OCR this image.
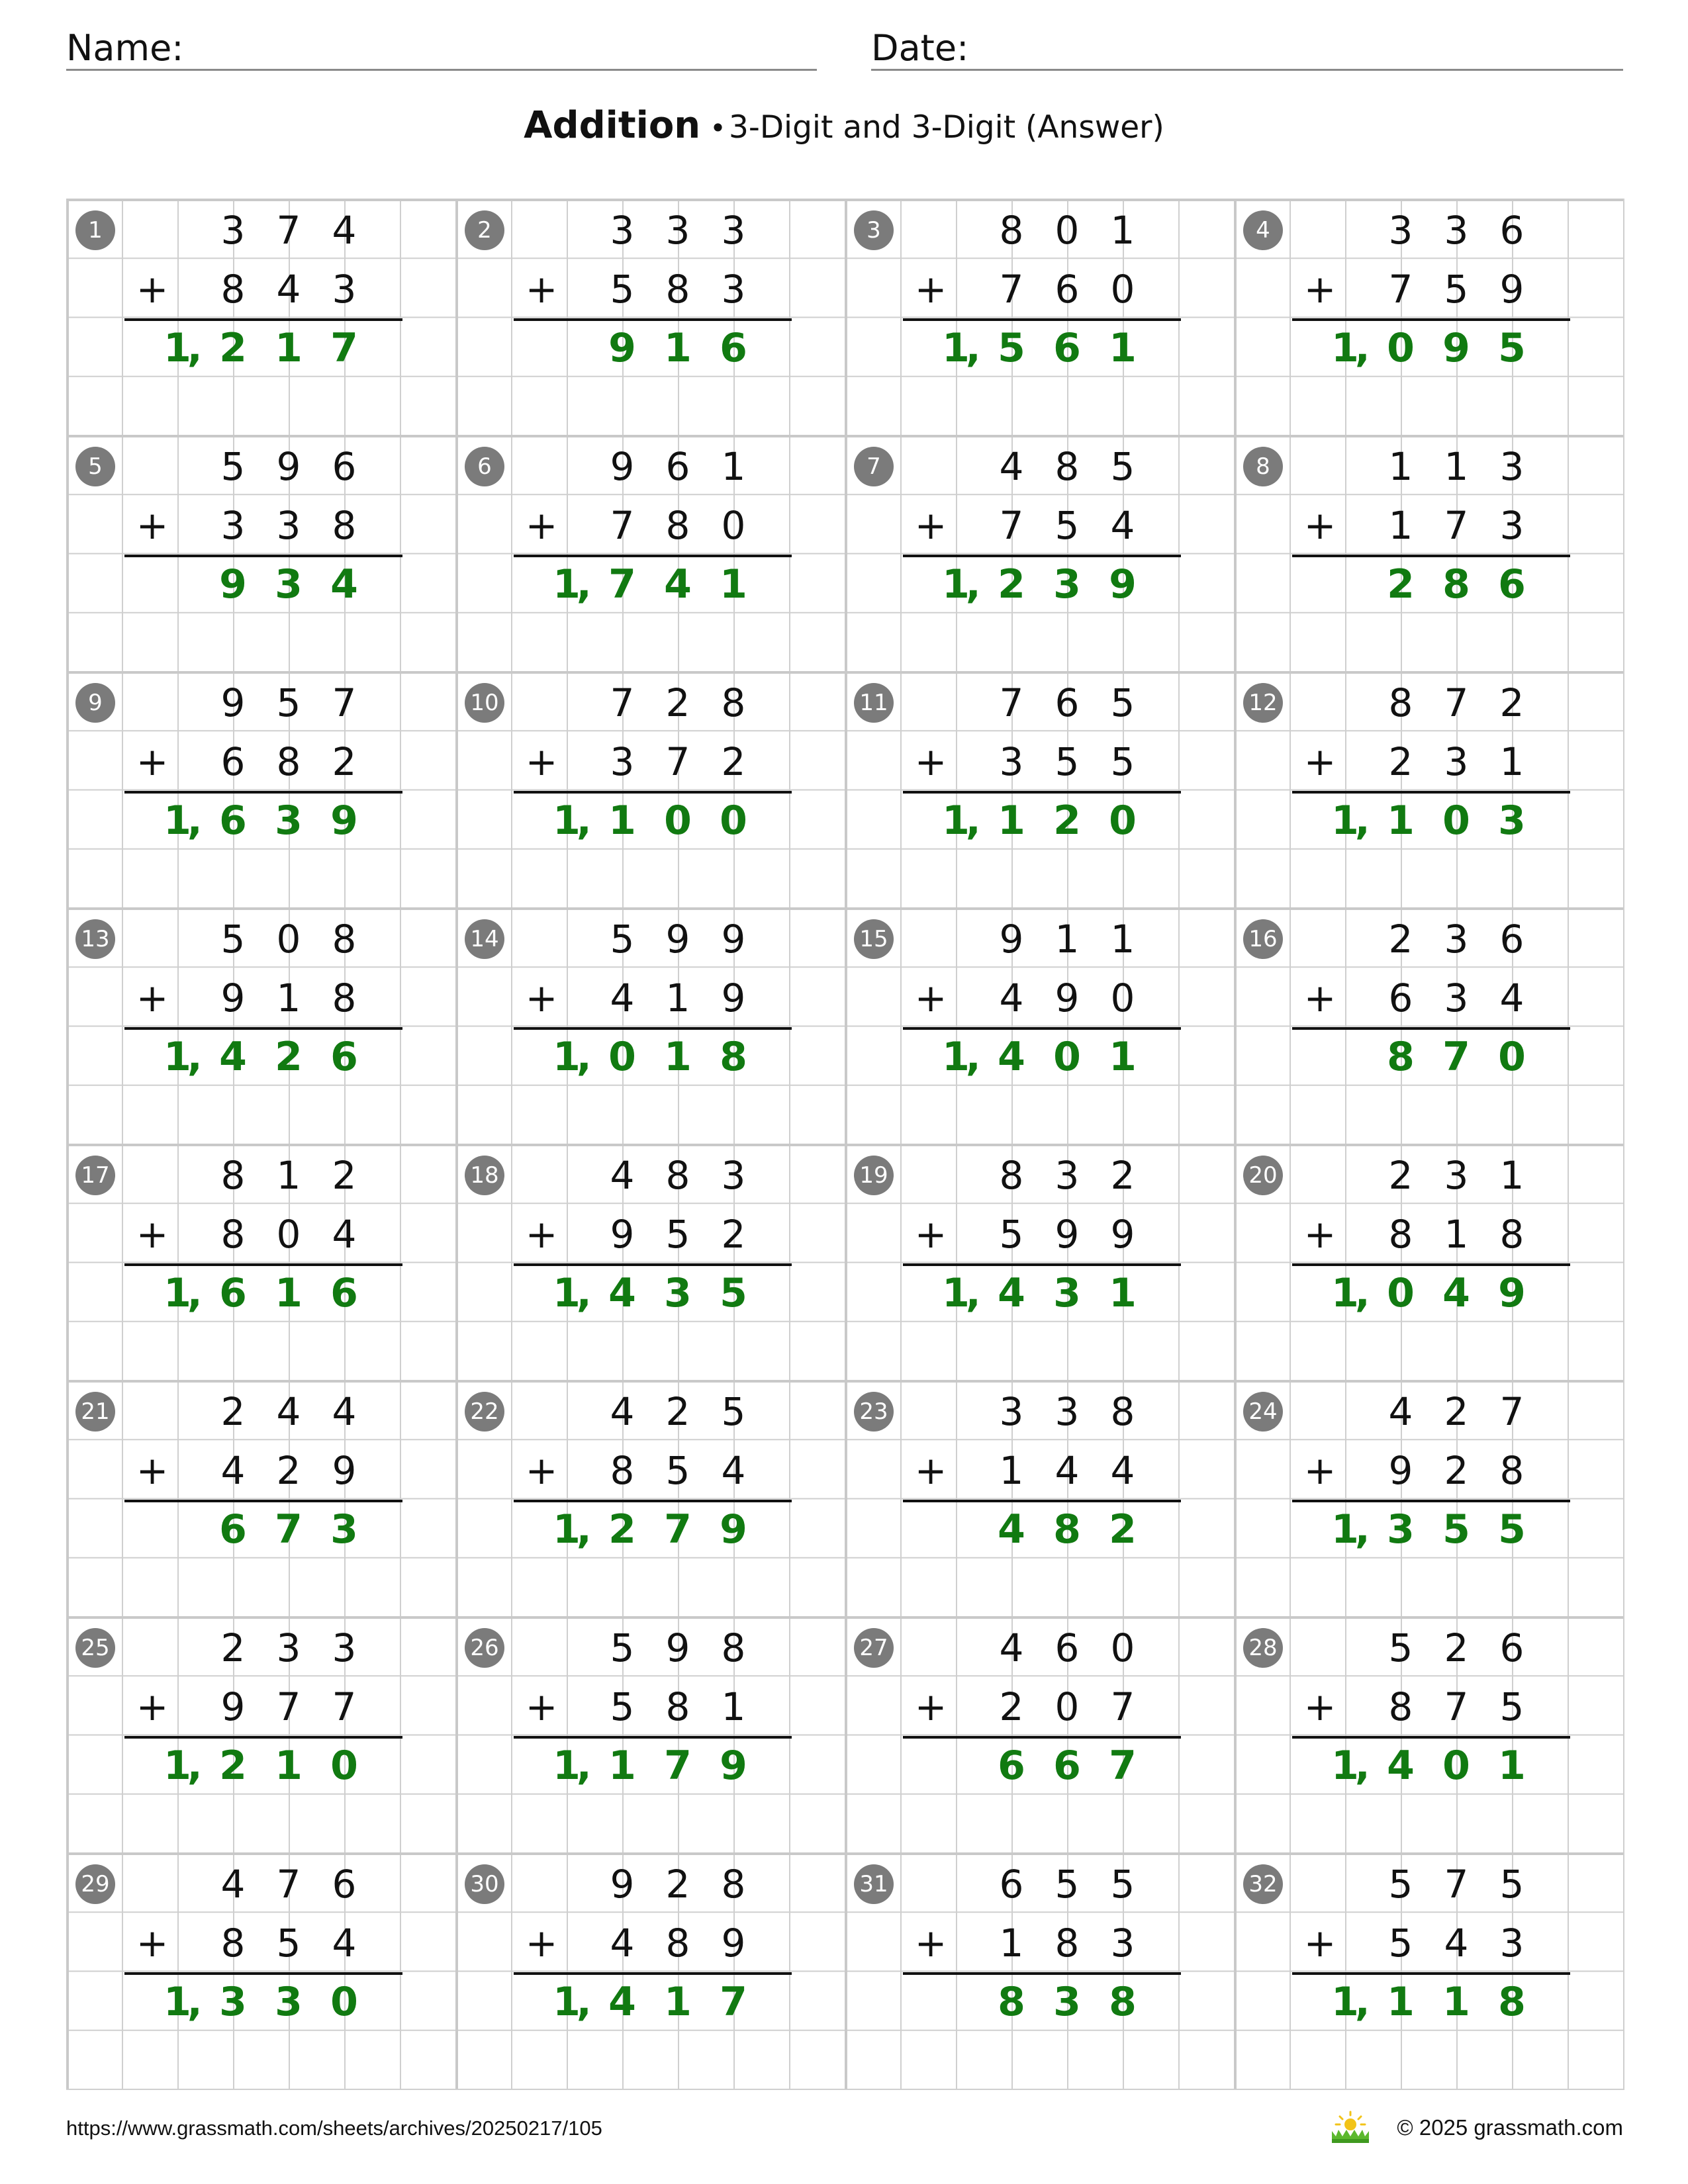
Name:	Date:
Addition •3-Digit and 3-Digit (Answer)
1	3 7 4
+	8 4 3
1, 2 1 7
2	3 3 3
+	5 8 3
9 1 6
3	8 0 1
+	7 6 0
1, 5 6 1
4	3 3 6
+	7 5 9
1, 0 9 5
5	5 9 6
+	3 3 8
9 3 4
6	9 6 1
+	7 8 0
1, 7 4 1
7	4 8 5
+	7 5 4
1, 2 3 9
8	1 1 3
+	1 7 3
2 8 6
9	9 5 7
+	6 8 2
1, 6 3 9
10	7 2 8
+	3 7 2
1, 1 0 0
11	7 6 5
+	3 5 5
1, 1 2 0
12	8 7 2
+	2 3 1
1, 1 0 3
13	5 0 8
+	9 1 8
1, 4 2 6
14	5 9 9
+	4 1 9
1, 0 1 8
15	9 1 1
+	4 9 0
1, 4 0 1
16	2 3 6
+	6 3 4
8 7 0
17	8 1 2
+	8 0 4
1, 6 1 6
18	4 8 3
+	9 5 2
1, 4 3 5
19	8 3 2
+	5 9 9
1, 4 3 1
20	2 3 1
+	8 1 8
1, 0 4 9
21	2 4 4
+	4 2 9
6 7 3
22	4 2 5
+	8 5 4
1, 2 7 9
23	3 3 8
+	1 4 4
4 8 2
24	4 2 7
+	9 2 8
1, 3 5 5
25	2 3 3
+	9 7 7
1, 2 1 0
26	5 9 8
+	5 8 1
1, 1 7 9
27	4 6 0
+	2 0 7
6 6 7
28	5 2 6
+	8 7 5
1, 4 0 1
29	4 7 6
+	8 5 4
1, 3 3 0
30	9 2 8
+	4 8 9
1, 4 1 7
31	6 5 5
+	1 8 3
8 3 8
32	5 7 5
+	5 4 3
1, 1 1 8
https://www.grassmath.com/sheets/archives/20250217/105	© 2025 grassmath.com
